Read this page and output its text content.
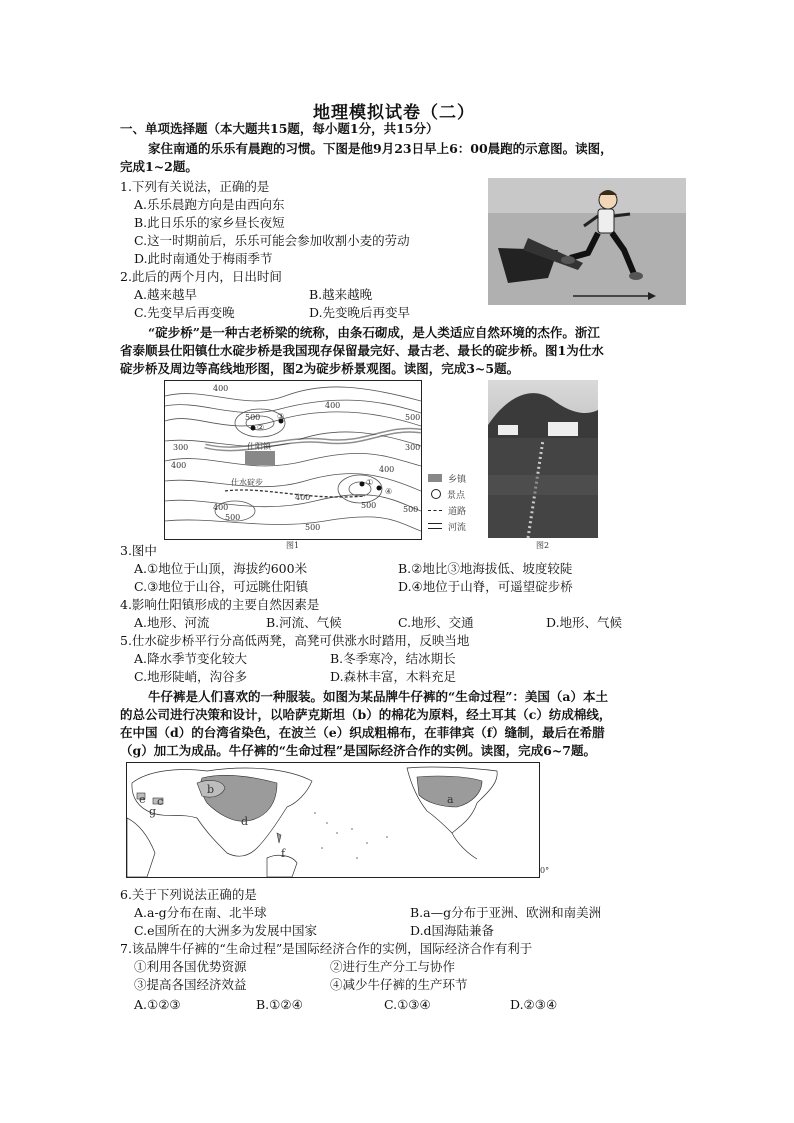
地理模拟试卷（二）
一、单项选择题（本大题共15题，每小题1分，共15分）
家住南通的乐乐有晨跑的习惯。下图是他9月23日早上6：00晨跑的示意图。读图，
完成1~2题。
1.下列有关说法，正确的是
A.乐乐晨跑方向是由西向东
B.此日乐乐的家乡昼长夜短
C.这一时期前后，乐乐可能会参加收割小麦的劳动
D.此时南通处于梅雨季节
2.此后的两个月内，日出时间
A.越来越早	B.越来越晚
C.先变早后再变晚	D.先变晚后再变早
“碇步桥”是一种古老桥梁的统称，由条石砌成，是人类适应自然环境的杰作。浙江
省泰顺县仕阳镇仕水碇步桥是我国现存保留最完好、最古老、最长的碇步桥。图1为仕水
碇步桥及周边等高线地形图，图2为碇步桥景观图。读图，完成3~5题。
400
500
300
400
500
400
400
400
500
500
500
300
400	500
仕阳镇
仕水碇步	①
②
③
④
乡镇
景点
道路
河流
图1	图2
3.图中
A.①地位于山顶，海拔约600米	B.②地比③地海拔低、坡度较陡
C.③地位于山谷，可远眺仕阳镇	D.④地位于山脊，可遥望碇步桥
4.影响仕阳镇形成的主要自然因素是
A.地形、河流	B.河流、气候	C.地形、交通	D.地形、气候
5.仕水碇步桥平行分高低两凳，高凳可供涨水时踏用，反映当地
A.降水季节变化较大	B.冬季寒冷，结冰期长
C.地形陡峭，沟谷多	D.森林丰富，木料充足
牛仔裤是人们喜欢的一种服装。如图为某品牌牛仔裤的“生命过程”：美国（a）本土
的总公司进行决策和设计，以哈萨克斯坦（b）的棉花为原料，经土耳其（c）纺成棉线，
在中国（d）的台湾省染色，在波兰（e）织成粗棉布，在菲律宾（f）缝制，最后在希腊
（g）加工为成品。牛仔裤的“生命过程”是国际经济合作的实例。读图，完成6~7题。
a
b
c
d
e
f
g
0°
6.关于下列说法正确的是
A.a-g分布在南、北半球	B.a—g分布于亚洲、欧洲和南美洲
C.e国所在的大洲多为发展中国家	D.d国海陆兼备
7.该品牌牛仔裤的“生命过程”是国际经济合作的实例，国际经济合作有利于
①利用各国优势资源	②进行生产分工与协作
③提高各国经济效益	④减少牛仔裤的生产环节
A.①②③	B.①②④	C.①③④	D.②③④
